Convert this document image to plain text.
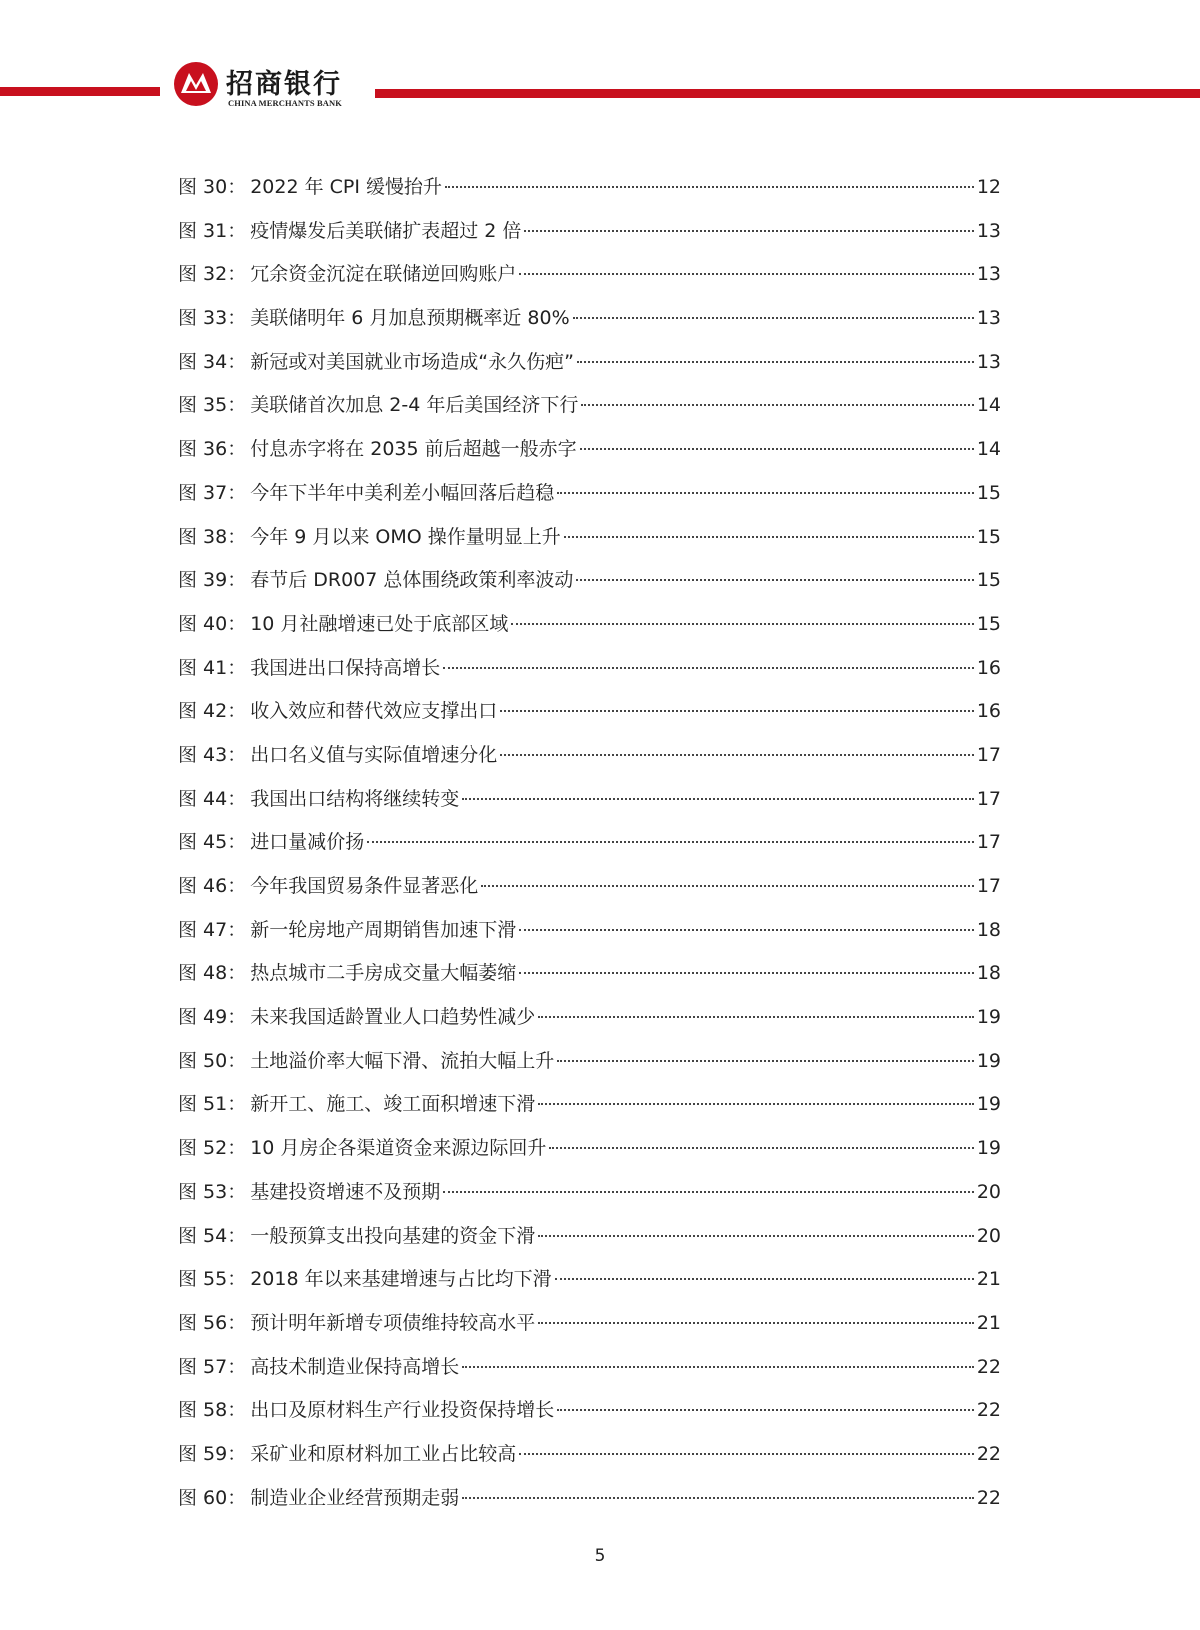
招商银行
CHINA MERCHANTS BANK
图 30： 2022 年 CPI 缓慢抬升	12
图 31： 疫情爆发后美联储扩表超过 2 倍	13
图 32： 冗余资金沉淀在联储逆回购账户	13
图 33： 美联储明年 6 月加息预期概率近 80%	13
图 34： 新冠或对美国就业市场造成“永久伤疤”	13
图 35： 美联储首次加息 2-4 年后美国经济下行	14
图 36： 付息赤字将在 2035 前后超越一般赤字	14
图 37： 今年下半年中美利差小幅回落后趋稳	15
图 38： 今年 9 月以来 OMO 操作量明显上升	15
图 39： 春节后 DR007 总体围绕政策利率波动	15
图 40： 10 月社融增速已处于底部区域	15
图 41： 我国进出口保持高增长	16
图 42： 收入效应和替代效应支撑出口	16
图 43： 出口名义值与实际值增速分化	17
图 44： 我国出口结构将继续转变	17
图 45： 进口量减价扬	17
图 46： 今年我国贸易条件显著恶化	17
图 47： 新一轮房地产周期销售加速下滑	18
图 48： 热点城市二手房成交量大幅萎缩	18
图 49： 未来我国适龄置业人口趋势性减少	19
图 50： 土地溢价率大幅下滑、流拍大幅上升	19
图 51： 新开工、施工、竣工面积增速下滑	19
图 52： 10 月房企各渠道资金来源边际回升	19
图 53： 基建投资增速不及预期	20
图 54： 一般预算支出投向基建的资金下滑	20
图 55： 2018 年以来基建增速与占比均下滑	21
图 56： 预计明年新增专项债维持较高水平	21
图 57： 高技术制造业保持高增长	22
图 58： 出口及原材料生产行业投资保持增长	22
图 59： 采矿业和原材料加工业占比较高	22
图 60： 制造业企业经营预期走弱	22
5
